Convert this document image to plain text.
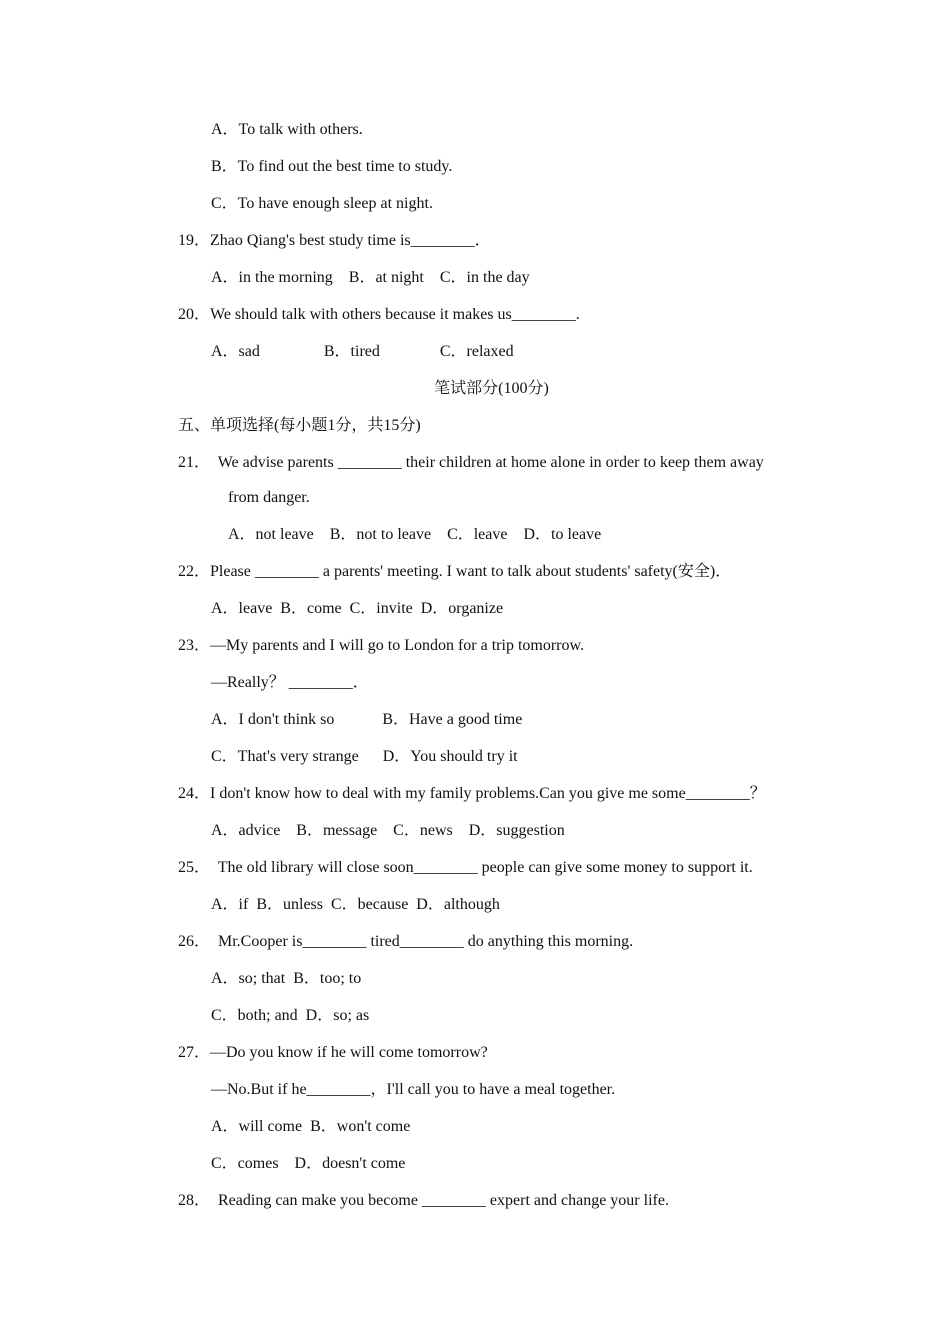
A．To talk with others.
B．To find out the best time to study.
C．To have enough sleep at night.
19．Zhao Qiang's best study time is________．
A．in the morning    B．at night    C．in the day
20．We should talk with others because it makes us________.
A．sad                B．tired               C．relaxed
笔试部分(100分)
五、单项选择(每小题1分，共15分)
21．  We advise parents ________ their children at home alone in order to keep them away
from danger.
A．not leave    B．not to leave    C．leave    D．to leave
22．Please ________ a parents' meeting. I want to talk about students' safety(安全)．
A．leave  B．come  C．invite  D．organize
23．—My parents and I will go to London for a trip tomorrow.
—Really？ ________．
A．I don't think so            B．Have a good time
C．That's very strange      D．You should try it
24．I don't know how to deal with my family problems.Can you give me some________？
A．advice    B．message    C．news    D．suggestion
25．  The old library will close soon________ people can give some money to support it.
A．if  B．unless  C．because  D．although
26．  Mr.Cooper is________ tired________ do anything this morning.
A．so; that  B．too; to
C．both; and  D．so; as
27．—Do you know if he will come tomorrow?
—No.But if he________，I'll call you to have a meal together.
A．will come  B．won't come
C．comes    D．doesn't come
28．  Reading can make you become ________ expert and change your life.
